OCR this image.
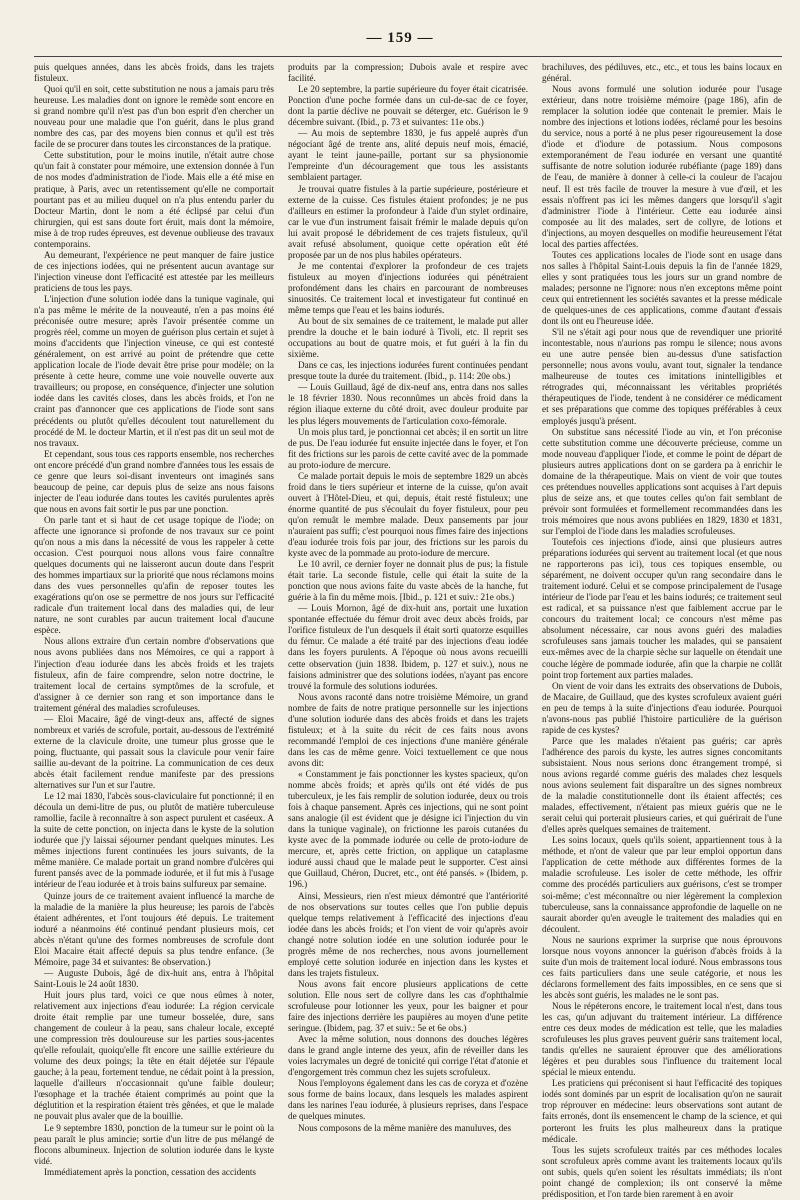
— 159 —

puis quelques années, dans les abcès froids, dans les trajets fistuleux.

Quoi qu'il en soit, cette substitution ne nous a jamais paru très heureuse. Les maladies dont on ignore le remède sont encore en si grand nombre qu'il n'est pas d'un bon esprit d'en chercher un nouveau pour une maladie que l'on guérit, dans le plus grand nombre des cas, par des moyens bien connus et qu'il est très facile de se procurer dans toutes les circonstances de la pratique.

Cette substitution, pour le moins inutile, n'était autre chose qu'un fait à constater pour mémoire, une extension donnée à l'un de nos modes d'administration de l'iode. Mais elle a été mise en pratique, à Paris, avec un retentissement qu'elle ne comportait pourtant pas et au milieu duquel on n'a plus entendu parler du Docteur Martin, dont le nom a été éclipsé par celui d'un chirurgien, qui est sans doute fort éruit, mais dont la mémoire, mise à de trop rudes épreuves, est devenue oublieuse des travaux contemporains.

Au demeurant, l'expérience ne peut manquer de faire justice de ces injections iodées, qui ne présentent aucun avantage sur l'injection vineuse dont l'efficacité est attestée par les meilleurs praticiens de tous les pays.

L'injection d'une solution iodée dans la tunique vaginale, qui n'a pas même le mérite de la nouveauté, n'en a pas moins été préconisée outre mesure; après l'avoir présentée comme un progrès réel, comme un moyen de guérison plus certain et sujet à moins d'accidents que l'injection vineuse, ce qui est contesté généralement, on est arrivé au point de prétendre que cette application locale de l'iode devait être prise pour modèle; on la présente à cette heure, comme une voie nouvelle ouverte aux travailleurs; ou propose, en conséquence, d'injecter une solution iodée dans les cavités closes, dans les abcès froids, et l'on ne craint pas d'annoncer que ces applications de l'iode sont sans précédents ou plutôt qu'elles découlent tout naturellement du procédé de M. le docteur Martin, et il n'est pas dit un seul mot de nos travaux.

Et cependant, sous tous ces rapports ensemble, nos recherches ont encore précédé d'un grand nombre d'années tous les essais de ce genre que leurs soi-disant inventeurs ont imaginés sans beaucoup de peine, car depuis plus de seize ans nous faisons injecter de l'eau iodurée dans toutes les cavités purulentes après que nous en avons fait sortir le pus par une ponction.

On parle tant et si haut de cet usage topique de l'iode; on affecte une ignorance si profonde de nos travaux sur ce point qu'on nous a mis dans la nécessité de vous les rappeler à cette occasion. C'est pourquoi nous allons vous faire connaître quelques documents qui ne laisseront aucun doute dans l'esprit des hommes impartiaux sur la priorité que nous réclamons moins dans des vues personnelles qu'afin de reposer toutes les exagérations qu'on ose se permettre de nos jours sur l'efficacité radicale d'un traitement local dans des maladies qui, de leur nature, ne sont curables par aucun traitement local d'aucune espèce.

Nous allons extraire d'un certain nombre d'observations que nous avons publiées dans nos Mémoires, ce qui a rapport à l'injection d'eau iodurée dans les abcès froids et les trajets fistuleux, afin de faire comprendre, selon notre doctrine, le traitement local de certains symptômes de la scrofule, et d'assigner à ce dernier son rang et son importance dans le traitement général des maladies scrofuleuses.

— Eloi Macaire, âgé de vingt-deux ans, affecté de signes nombreux et variés de scrofule, portait, au-dessous de l'extrémité externe de la clavicule droite, une tumeur plus grosse que le poing, fluctuante, qui passait sous la clavicule pour venir faire saillie au-devant de la poitrine. La communication de ces deux abcès était facilement rendue manifeste par des pressions alternatives sur l'un et sur l'autre.

Le 12 mai 1830, l'abcès sous-claviculaire fut ponctionné; il en découla un demi-litre de pus, ou plutôt de matière tuberculeuse ramollie, facile à reconnaître à son aspect purulent et caséeux. A la suite de cette ponction, on injecta dans le kyste de la solution iodurée que j'y laissai séjourner pendant quelques minutes. Les mêmes injections furent continuées les jours suivants, de la même manière. Ce malade portait un grand nombre d'ulcères qui furent pansés avec de la pommade iodurée, et il fut mis à l'usage intérieur de l'eau iodurée et à trois bains sulfureux par semaine.

Quinze jours de ce traitement avaient influencé la marche de la maladie de la manière la plus heureuse; les parois de l'abcès étaient adhérentes, et l'ont toujours été depuis. Le traitement ioduré a néanmoins été continué pendant plusieurs mois, cet abcès n'étant qu'une des formes nombreuses de scrofule dont Eloi Macaire était affecté depuis sa plus tendre enfance. (3e Mémoire, page 34 et suivantes: 8e observation.)

— Auguste Dubois, âgé de dix-huit ans, entra à l'hôpital Saint-Louis le 24 août 1830.

Huit jours plus tard, voici ce que nous eûmes à noter, relativement aux injections d'eau iodurée: La région cervicale droite était remplie par une tumeur bosselée, dure, sans changement de couleur à la peau, sans chaleur locale, excepté une compression très douloureuse sur les parties sous-jacentes qu'elle refoulait, quoiqu'elle fît encore une saillie extérieure du volume des deux poings; la tête en était déjetée sur l'épaule gauche; à la peau, fortement tendue, ne cédait point à la pression, laquelle d'ailleurs n'occasionnait qu'une faible douleur; l'œsophage et la trachée étaient comprimés au point que la déglutition et la respiration étaient très gênées, et que le malade ne pouvait plus avaler que de la bouillie.

Le 9 septembre 1830, ponction de la tumeur sur le point où la peau paraît le plus amincie; sortie d'un litre de pus mélangé de flocons albumineux. Injection de solution iodurée dans le kyste vidé.

Immédiatement après la ponction, cessation des accidents

produits par la compression; Dubois avale et respire avec facilité.

Le 20 septembre, la partie supérieure du foyer était cicatrisée. Ponction d'une poche formée dans un cul-de-sac de ce foyer, dont la partie déclive ne pouvait se déterger, etc. Guérison le 9 décembre suivant. (Ibid., p. 73 et suivantes: 11e obs.)

— Au mois de septembre 1830, je fus appelé auprès d'un négociant âgé de trente ans, alité depuis neuf mois, émacié, ayant le teint jaune-paille, portant sur sa physionomie l'empreinte d'un découragement que tous les assistants semblaient partager.

Je trouvai quatre fistules à la partie supérieure, postérieure et externe de la cuisse. Ces fistules étaient profondes; je ne pus d'ailleurs en estimer la profondeur à l'aide d'un stylet ordinaire, car le vue d'un instrument faisait frémir le malade depuis qu'on lui avait proposé le débridement de ces trajets fistuleux, qu'il avait refusé absolument, quoique cette opération eût été proposée par un de nos plus habiles opérateurs.

Je me contentai d'explorer la profondeur de ces trajets fistuleux au moyen d'injections iodurées qui pénétraient profondément dans les chairs en parcourant de nombreuses sinuosités. Ce traitement local et investigateur fut continué en même temps que l'eau et les bains iodurés.

Au bout de six semaines de ce traitement, le malade put aller prendre la douche et le bain ioduré à Tivoli, etc. Il reprit ses occupations au bout de quatre mois, et fut guéri à la fin du sixième.

Dans ce cas, les injections iodurées furent continuées pendant presque toute la durée du traitement. (Ibid., p. 114: 20e obs.)

— Louis Guillaud, âgé de dix-neuf ans, entra dans nos salles le 18 février 1830. Nous reconnûmes un abcès froid dans la région iliaque externe du côté droit, avec douleur produite par les plus légers mouvements de l'articulation coxo-fémorale.

Un mois plus tard, je ponctionnai cet abcès; il en sortit un litre de pus. De l'eau iodurée fut ensuite injectée dans le foyer, et l'on fit des frictions sur les parois de cette cavité avec de la pommade au proto-iodure de mercure.

Ce malade portait depuis le mois de septembre 1829 un abcès froid dans le tiers supérieur et interne de la cuisse, qu'on avait ouvert à l'Hôtel-Dieu, et qui, depuis, était resté fistuleux; une énorme quantité de pus s'écoulait du foyer fistuleux, pour peu qu'on remuât le membre malade. Deux pansements par jour n'auraient pas suffi; c'est pourquoi nous fîmes faire des injections d'eau iodurée trois fois par jour, des frictions sur les parois du kyste avec de la pommade au proto-iodure de mercure.

Le 10 avril, ce dernier foyer ne donnait plus de pus; la fistule était tarie. La seconde fistule, celle qui était la suite de la ponction que nous avions faite du vaste abcès de la hanche, fut guérie à la fin du même mois. [Ibid., p. 121 et suiv.: 21e obs.)

— Louis Mornon, âgé de dix-huit ans, portait une luxation spontanée effectuée du fémur droit avec deux abcès froids, par l'orifice fistuleux de l'un desquels il était sorti quatorze esquilles du fémur. Ce malade a été traité par des injections d'eau iodée dans les foyers purulents. A l'époque où nous avons recueilli cette observation (juin 1838. Ibidem, p. 127 et suiv.), nous ne faisions administrer que des solutions iodées, n'ayant pas encore trouvé la formule des solutions iodurées.

Nous avons raconté dans notre troisième Mémoire, un grand nombre de faits de notre pratique personnelle sur les injections d'une solution iodurée dans des abcès froids et dans les trajets fistuleux; et à la suite du récit de ces faits nous avons recommandé l'emploi de ces injections d'une manière générale dans les cas de même genre. Voici textuellement ce que nous avons dit:

« Constamment je fais ponctionner les kystes spacieux, qu'on nomme abcès froids; et après qu'ils ont été vidés de pus tuberculeux, je les fais remplir de solution iodurée, deux ou trois fois à chaque pansement. Après ces injections, qui ne sont point sans analogie (il est évident que je désigne ici l'injection du vin dans la tunique vaginale), on frictionne les parois cutanées du kyste avec de la pommade iodurée ou celle de proto-iodure de mercure, et, après cette friction, on applique un cataplasme ioduré aussi chaud que le malade peut le supporter. C'est ainsi que Guillaud, Chéron, Ducret, etc., ont été pansés. » (Ibidem, p. 196.)

Ainsi, Messieurs, rien n'est mieux démontré que l'antériorité de nos observations sur toutes celles que l'on publie depuis quelque temps relativement à l'efficacité des injections d'eau iodée dans les abcès froids; et l'on vient de voir qu'après avoir changé notre solution iodée en une solution iodurée pour le progrès même de nos recherches, nous avons journellement employé cette solution iodurée en injection dans les kystes et dans les trajets fistuleux.

Nous avons fait encore plusieurs applications de cette solution. Elle nous sert de collyre dans les cas d'ophthalmie scrofuleuse pour lotionner les yeux, pour les baigner et pour faire des injections derrière les paupières au moyen d'une petite seringue. (Ibidem, pag. 37 et suiv.: 5e et 6e obs.)

Avec la même solution, nous donnons des douches légères dans le grand angle interne des yeux, afin de réveiller dans les voies lacrymales un degré de tonicité qui corrige l'état d'atonie et d'engorgement très commun chez les sujets scrofuleux.

Nous l'employons également dans les cas de coryza et d'ozène sous forme de bains locaux, dans lesquels les malades aspirent dans les narines l'eau iodurée, à plusieurs reprises, dans l'espace de quelques minutes.

Nous composons de la même manière des manuluves, des

brachiluves, des pédiluves, etc., etc., et tous les bains locaux en général.

Nous avons formulé une solution iodurée pour l'usage extérieur, dans notre troisième mémoire (page 186), afin de remplacer la solution iodée que contenait le premier. Mais le nombre des injections et lotions iodées, réclamé pour les besoins du service, nous a porté à ne plus peser rigoureusement la dose d'iode et d'iodure de potassium. Nous composons extemporanément de l'eau iodurée en versant une quantité suffisante de notre solution iodurée rubéfiante (page 189) dans de l'eau, de manière à donner à celle-ci la couleur de l'acajou neuf. Il est très facile de trouver la mesure à vue d'œil, et les essais n'offrent pas ici les mêmes dangers que lorsqu'il s'agit d'administrer l'iode à l'intérieur. Cette eau iodurée ainsi composée au lit des malades, sert de collyre, de lotions et d'injections, au moyen desquelles on modifie heureusement l'état local des parties affectées.

Toutes ces applications locales de l'iode sont en usage dans nos salles à l'hôpital Saint-Louis depuis la fin de l'année 1829, elles y sont pratiquées tous les jours sur un grand nombre de malades; personne ne l'ignore: nous n'en exceptons même point ceux qui entretiennent les sociétés savantes et la presse médicale de quelques-unes de ces applications, comme d'autant d'essais dont ils ont eu l'heureuse idée.

S'il ne s'était agi pour nous que de revendiquer une priorité incontestable, nous n'aurions pas rompu le silence; nous avons eu une autre pensée bien au-dessus d'une satisfaction personnelle; nous avons voulu, avant tout, signaler la tendance malheureuse de toutes ces imitations inintelligibles et rétrogrades qui, méconnaissant les véritables propriétés thérapeutiques de l'iode, tendent à ne considérer ce médicament et ses préparations que comme des topiques préférables à ceux employés jusqu'à présent.

On substitue sans nécessité l'iode au vin, et l'on préconise cette substitution comme une découverte précieuse, comme un mode nouveau d'appliquer l'iode, et comme le point de départ de plusieurs autres applications dont on se gardera pa à enrichir le domaine de la thérapeutique. Mais on vient de voir que toutes ces prétendues nouvelles applications sont acquises à l'art depuis plus de seize ans, et que toutes celles qu'on fait semblant de prévoir sont formulées et formellement recommandées dans les trois mémoires que nous avons publiées en 1829, 1830 et 1831, sur l'emploi de l'iode dans les maladies scrofuleuses.

Toutefois ces injections d'iode, ainsi que plusieurs autres préparations iodurées qui servent au traitement local (et que nous ne rapporterons pas ici), tous ces topiques ensemble, ou séparément, ne doivent occuper qu'un rang secondaire dans le traitement ioduré. Celui et se compose principalement de l'usage intérieur de l'iode par l'eau et les bains iodurés; ce traitement seul est radical, et sa puissance n'est que faiblement accrue par le concours du traitement local; ce concours n'est même pas absolument nécessaire, car nous avons guéri des maladies scrofuleuses sans jamais toucher les malades, qui se pansaient eux-mêmes avec de la charpie sèche sur laquelle on étendait une couche légère de pommade iodurée, afin que la charpie ne collât point trop fortement aux parties malades.

On vient de voir dans les extraits des observations de Dubois, de Macaire, de Guillaud, que des kystes scrofuleux avaient guéri en peu de temps à la suite d'injections d'eau iodurée. Pourquoi n'avons-nous pas publié l'histoire particulière de la guérison rapide de ces kystes?

Parce que les malades n'étaient pas guéris; car après l'adhérence des parois du kyste, les autres signes concomitants subsistaient. Nous nous serions donc étrangement trompé, si nous avions regardé comme guéris des malades chez lesquels nous avions seulement fait disparaître un des signes nombreux de la maladie constitutionnelle dont ils étaient affectés; ces malades, effectivement, n'étaient pas mieux guéris que ne le serait celui qui porterait plusieurs caries, et qui guérirait de l'une d'elles après quelques semaines de traitement.

Les soins locaux, quels qu'ils soient, appartiennent tous à la méthode, et n'ont de valeur que par leur emploi opportun dans l'application de cette méthode aux différentes formes de la maladie scrofuleuse. Les isoler de cette méthode, les offrir comme des procédés particuliers aux guérisons, c'est se tromper soi-même; c'est méconnaître ou nier légèrement la complexion tuberculeuse, sans la connaissance approfondie de laquelle on ne saurait aborder qu'en aveugle le traitement des maladies qui en découlent.

Nous ne saurions exprimer la surprise que nous éprouvons lorsque nous voyons annoncer la guérison d'abcès froids à la suite d'un mois de traitement local ioduré. Nous embrassons tous ces faits particuliers dans une seule catégorie, et nous les déclarons formellement des faits impossibles, en ce sens que si les abcès sont guéris, les malades ne le sont pas.

Nous le répéterons encore, le traitement local n'est, dans tous les cas, qu'un adjuvant du traitement intérieur. La différence entre ces deux modes de médication est telle, que les maladies scrofuleuses les plus graves peuvent guérir sans traitement local, tandis qu'elles ne sauraient éprouver que des améliorations légères et peu durables sous l'influence du traitement local spécial le mieux entendu.

Les praticiens qui préconisent si haut l'efficacité des topiques iodés sont dominés par un esprit de localisation qu'on ne saurait trop réprouver en médecine: leurs observations sont autant de faits erronés, dont ils ensemencent le champ de la science, et qui porteront les fruits les plus malheureux dans la pratique médicale.

Tous les sujets scrofuleux traités par ces méthodes locales sont scrofuleux après comme avant les traitements locaux qu'ils ont subis, quels qu'en soient les résultats immédiats; ils n'ont point changé de complexion; ils ont conservé la même prédisposition, et l'on tarde bien rarement à en avoir
